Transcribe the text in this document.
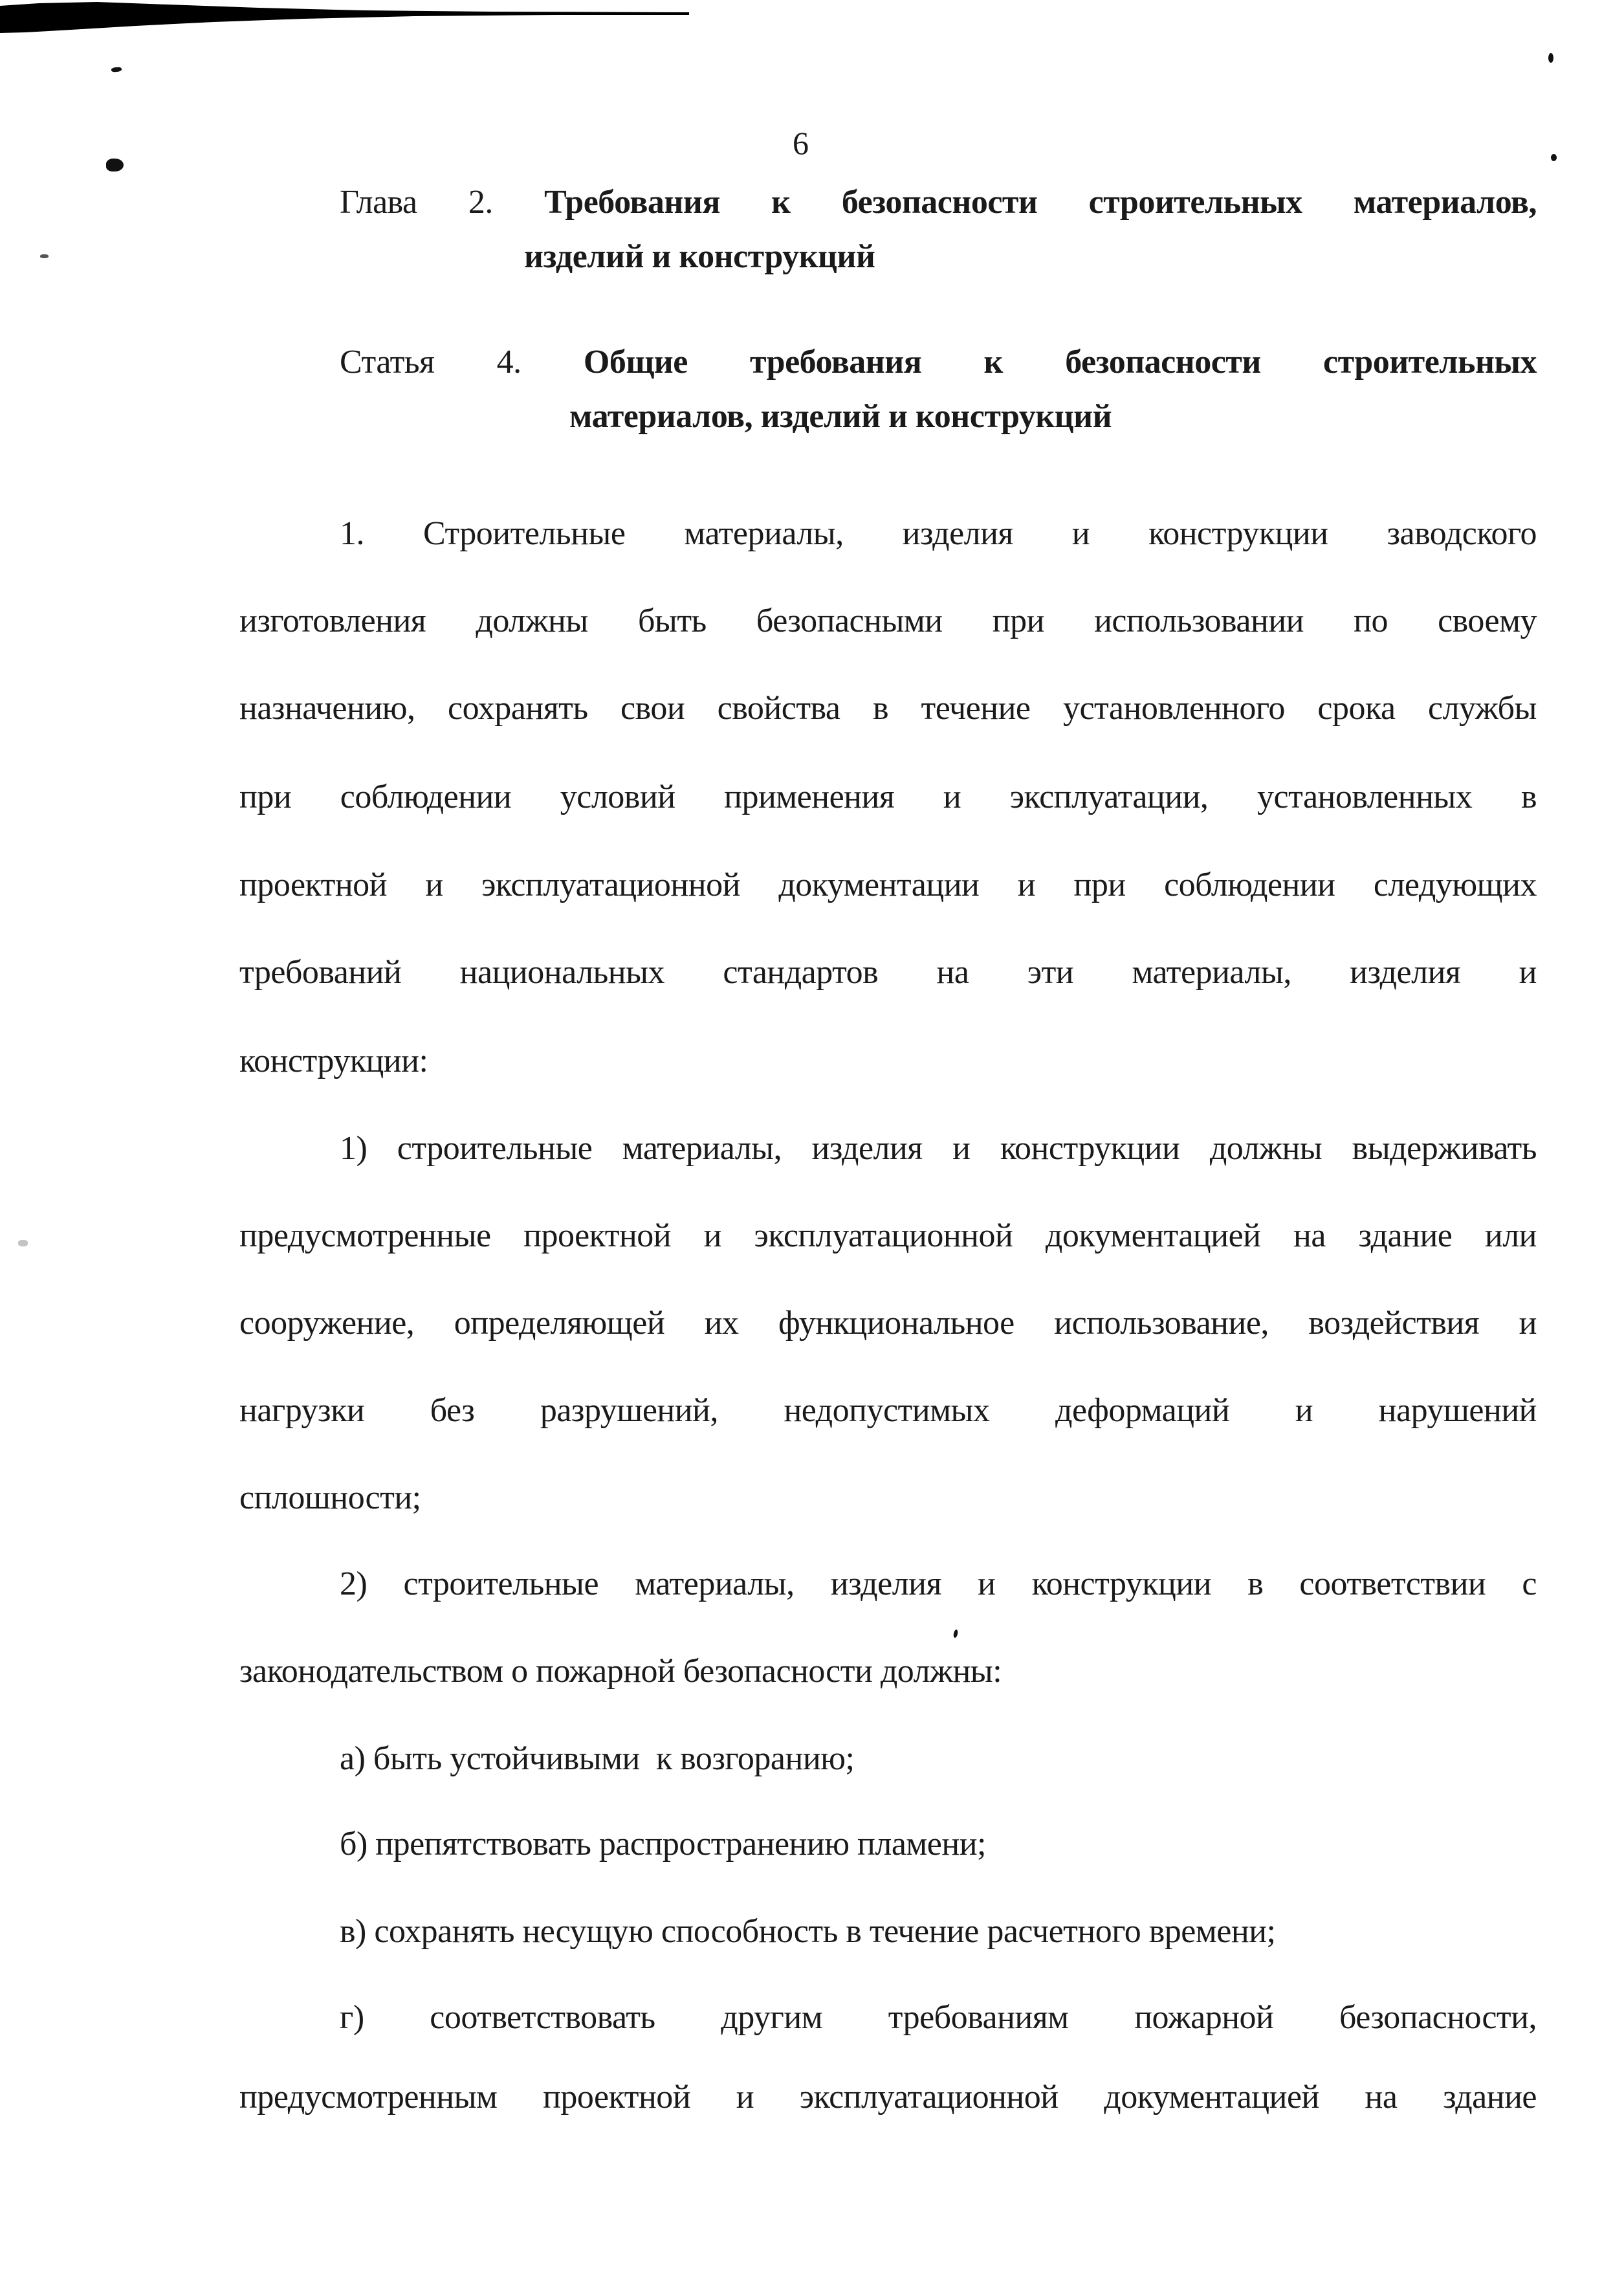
6
Глава 2. Требования к безопасности строительных материалов,
изделий и конструкций
Статья 4. Общие требования к безопасности строительных
материалов, изделий и конструкций
1. Строительные материалы, изделия и конструкции заводского
изготовления должны быть безопасными при использовании по своему
назначению, сохранять свои свойства в течение установленного срока службы
при соблюдении условий применения и эксплуатации, установленных в
проектной и эксплуатационной документации и при соблюдении следующих
требований национальных стандартов на эти материалы, изделия и
конструкции:
1) строительные материалы, изделия и конструкции должны выдерживать
предусмотренные проектной и эксплуатационной документацией на здание или
сооружение, определяющей их функциональное использование, воздействия и
нагрузки без разрушений, недопустимых деформаций и нарушений
сплошности;
2) строительные материалы, изделия и конструкции в соответствии с
законодательством о пожарной безопасности должны:
а) быть устойчивыми  к возгоранию;
б) препятствовать распространению пламени;
в) сохранять несущую способность в течение расчетного времени;
г) соответствовать другим требованиям пожарной безопасности,
предусмотренным проектной и эксплуатационной документацией на здание
